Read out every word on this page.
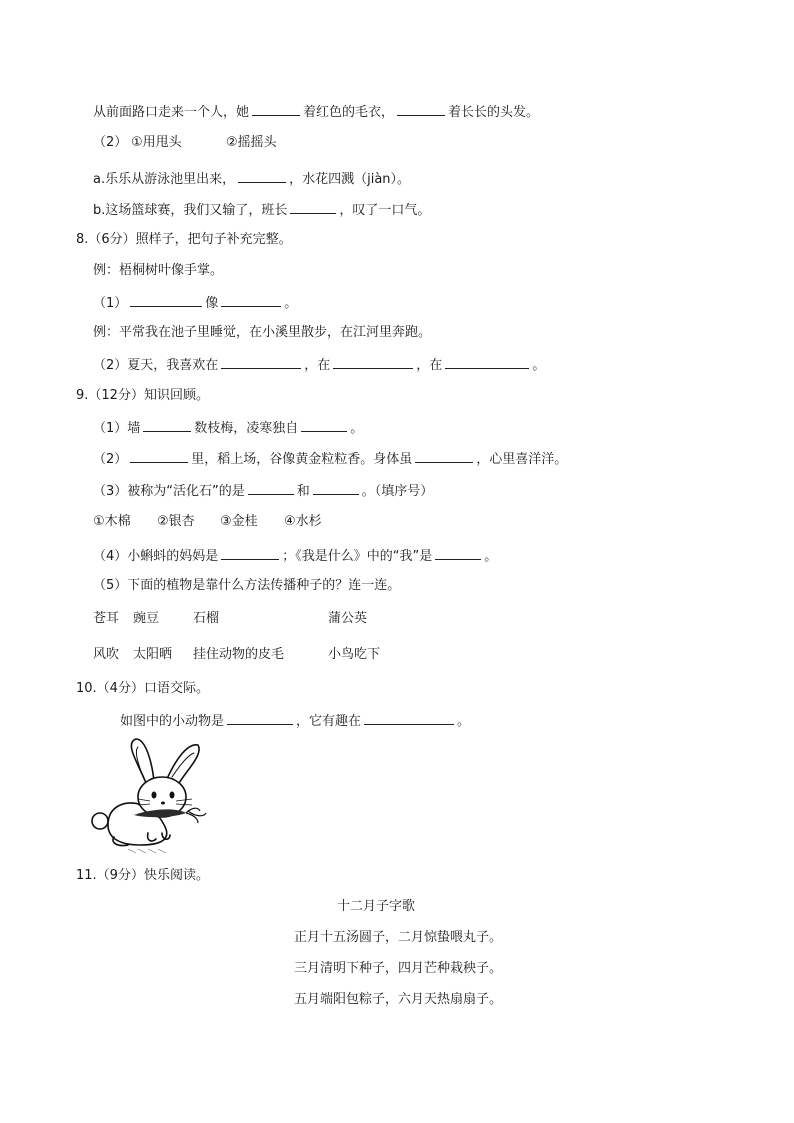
从前面路口走来一个人，她	着红色的毛衣，	着长长的头发。
（2） ①用甩头	②摇摇头
a.乐乐从游泳池里出来，	，水花四溅（jiàn）。
b.这场篮球赛，我们又输了，班长	，叹了一口气。
8.（6分）照样子，把句子补充完整。
例：梧桐树叶像手掌。
（1）	像	。
例：平常我在池子里睡觉，在小溪里散步，在江河里奔跑。
（2）夏天，我喜欢在	，在	，在	。
9.（12分）知识回顾。
（1）墙	数枝梅，凌寒独自	。
（2）	里，稻上场，谷像黄金粒粒香。身体虽	，心里喜洋洋。
（3）被称为“活化石”的是	和	。（填序号）
①木棉 ②银杏 ③金桂 ④水杉
（4）小蝌蚪的妈妈是	；《我是什么》中的“我”是	。
（5）下面的植物是靠什么方法传播种子的？连一连。
苍耳 豌豆	石榴	蒲公英
风吹 太阳晒 挂住动物的皮毛	小鸟吃下
10.（4分）口语交际。
如图中的小动物是	，它有趣在	。
11.（9分）快乐阅读。
十二月子字歌
正月十五汤圆子，二月惊蛰喂丸子。
三月清明下种子，四月芒种栽秧子。
五月端阳包粽子，六月天热扇扇子。
